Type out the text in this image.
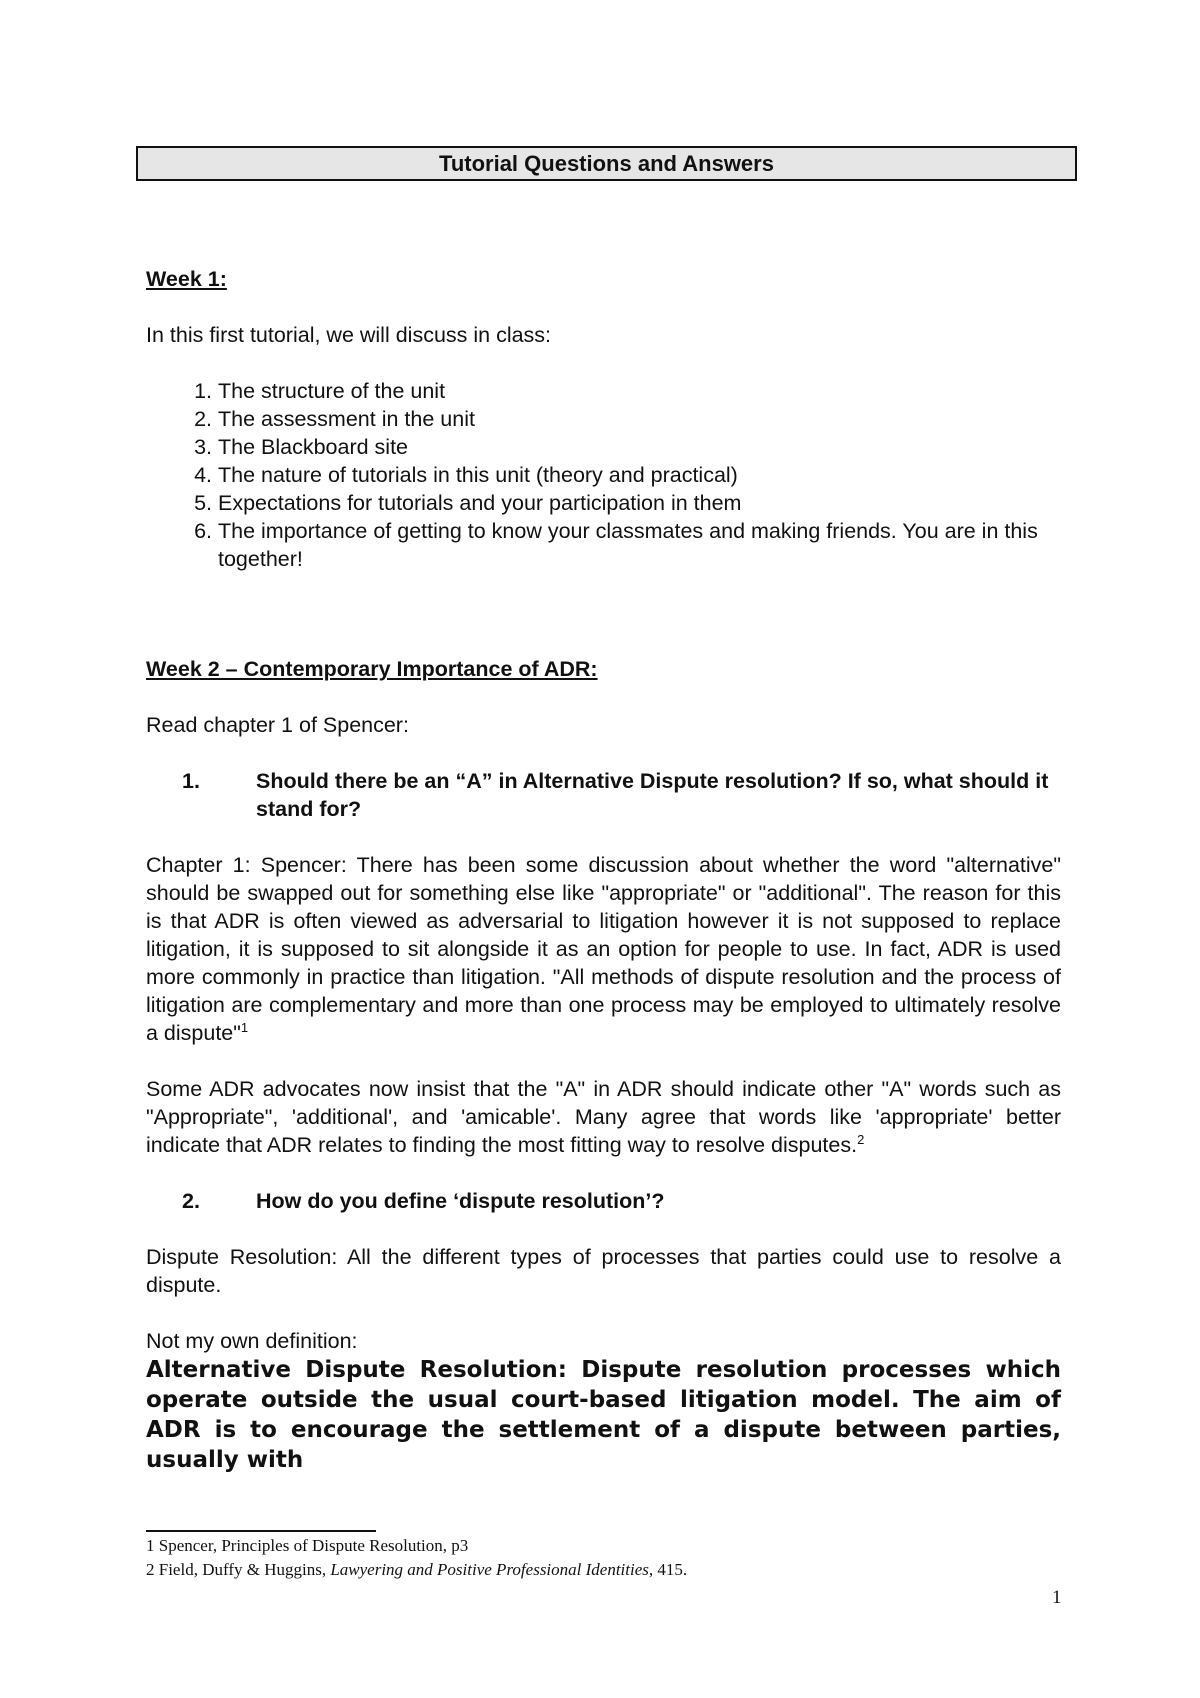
Tutorial Questions and Answers

Week 1:

In this first tutorial, we will discuss in class:

1. The structure of the unit
2. The assessment in the unit
3. The Blackboard site
4. The nature of tutorials in this unit (theory and practical)
5. Expectations for tutorials and your participation in them
6. The importance of getting to know your classmates and making friends. You are in this together!

Week 2 – Contemporary Importance of ADR:

Read chapter 1 of Spencer:

1.	Should there be an “A” in Alternative Dispute resolution? If so, what should it stand for?

Chapter 1: Spencer: There has been some discussion about whether the word "alternative" should be swapped out for something else like "appropriate" or "additional". The reason for this is that ADR is often viewed as adversarial to litigation however it is not supposed to replace litigation, it is supposed to sit alongside it as an option for people to use. In fact, ADR is used more commonly in practice than litigation. "All methods of dispute resolution and the process of litigation are complementary and more than one process may be employed to ultimately resolve a dispute"$^1$

Some ADR advocates now insist that the "A" in ADR should indicate other "A" words such as "Appropriate", 'additional', and 'amicable'. Many agree that words like 'appropriate' better indicate that ADR relates to finding the most fitting way to resolve disputes.$^2$

2.	How do you define ‘dispute resolution’?

Dispute Resolution: All the different types of processes that parties could use to resolve a dispute.

Not my own definition:

Alternative Dispute Resolution: Dispute resolution processes which operate outside the usual court-based litigation model. The aim of ADR is to encourage the settlement of a dispute between parties, usually with

1 Spencer, Principles of Dispute Resolution, p3
2 Field, Duffy & Huggins, Lawyering and Positive Professional Identities, 415.
1
